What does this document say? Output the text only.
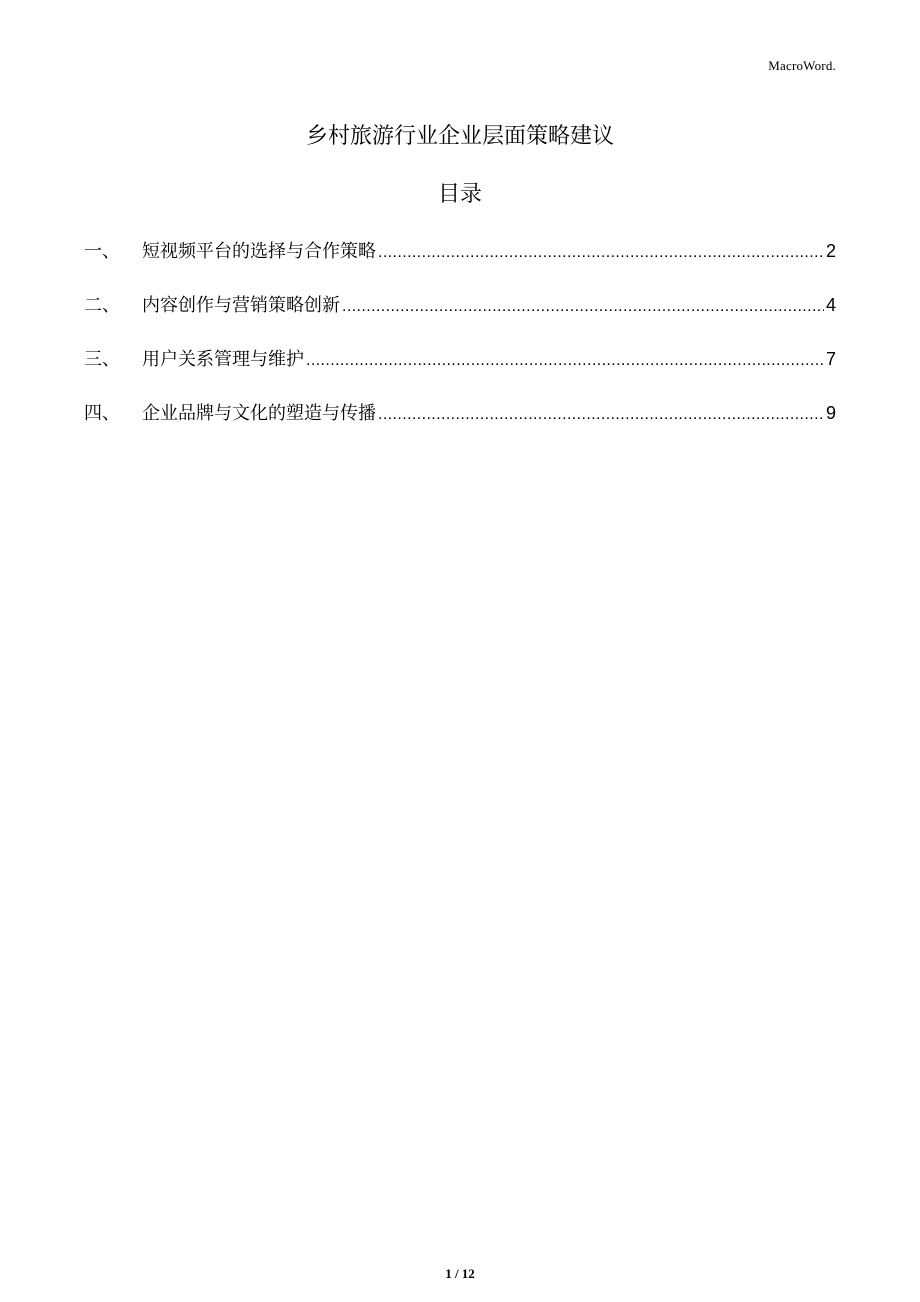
MacroWord.
乡村旅游行业企业层面策略建议
目录
一、	短视频平台的选择与合作策略 .....	2
二、	内容创作与营销策略创新 .....	4
三、	用户关系管理与维护 .....	7
四、	企业品牌与文化的塑造与传播 .....	9
1 / 12
